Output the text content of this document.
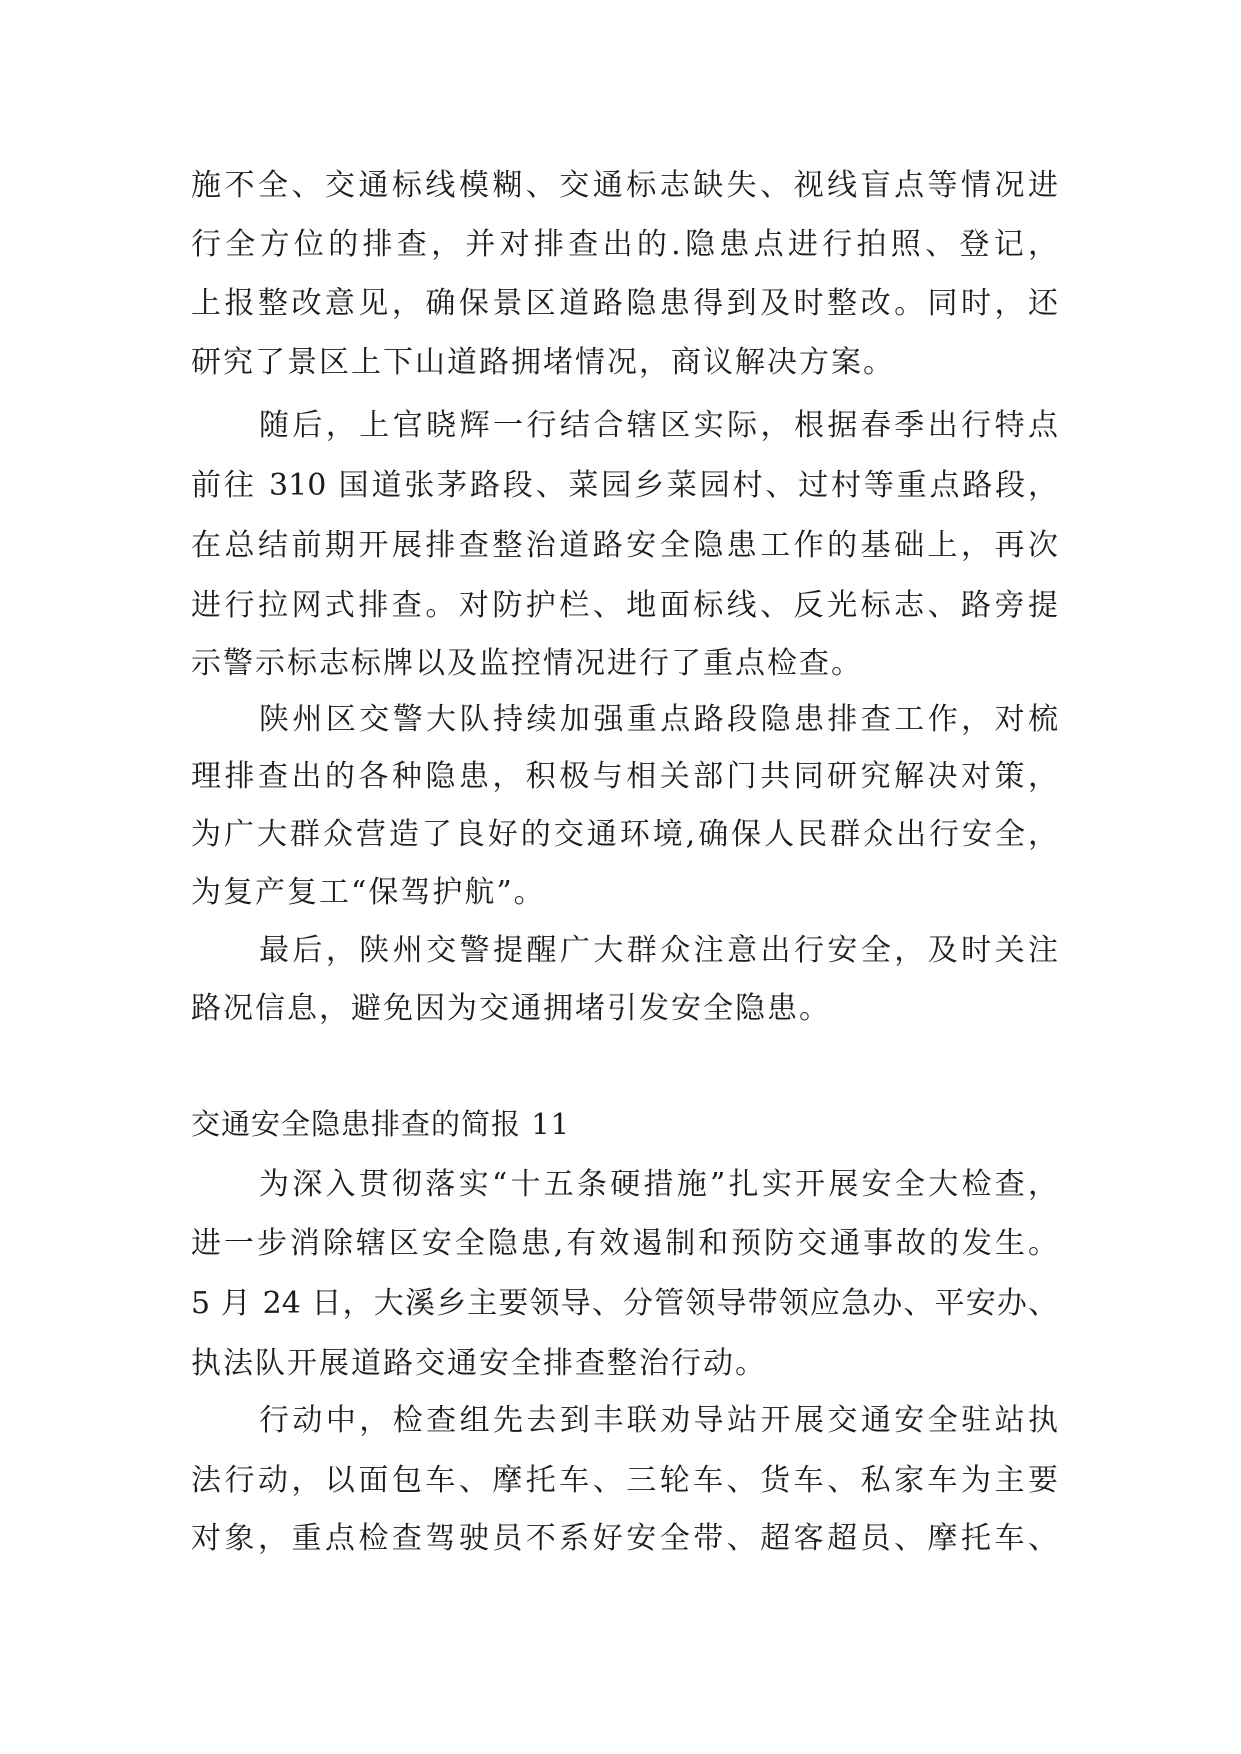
施不全、交通标线模糊、交通标志缺失、视线盲点等情况进
行全方位的排查，并对排查出的.隐患点进行拍照、登记，
上报整改意见，确保景区道路隐患得到及时整改。同时，还
研究了景区上下山道路拥堵情况，商议解决方案。
随后，上官晓辉一行结合辖区实际，根据春季出行特点
前往 310 国道张茅路段、菜园乡菜园村、过村等重点路段，
在总结前期开展排查整治道路安全隐患工作的基础上，再次
进行拉网式排查。对防护栏、地面标线、反光标志、路旁提
示警示标志标牌以及监控情况进行了重点检查。
陕州区交警大队持续加强重点路段隐患排查工作，对梳
理排查出的各种隐患，积极与相关部门共同研究解决对策，
为广大群众营造了良好的交通环境,确保人民群众出行安全，
为复产复工“保驾护航”。
最后，陕州交警提醒广大群众注意出行安全，及时关注
路况信息，避免因为交通拥堵引发安全隐患。
交通安全隐患排查的简报 11
为深入贯彻落实“十五条硬措施”扎实开展安全大检查，
进一步消除辖区安全隐患,有效遏制和预防交通事故的发生。
5 月 24 日，大溪乡主要领导、分管领导带领应急办、平安办、
执法队开展道路交通安全排查整治行动。
行动中，检查组先去到丰联劝导站开展交通安全驻站执
法行动，以面包车、摩托车、三轮车、货车、私家车为主要
对象，重点检查驾驶员不系好安全带、超客超员、摩托车、
